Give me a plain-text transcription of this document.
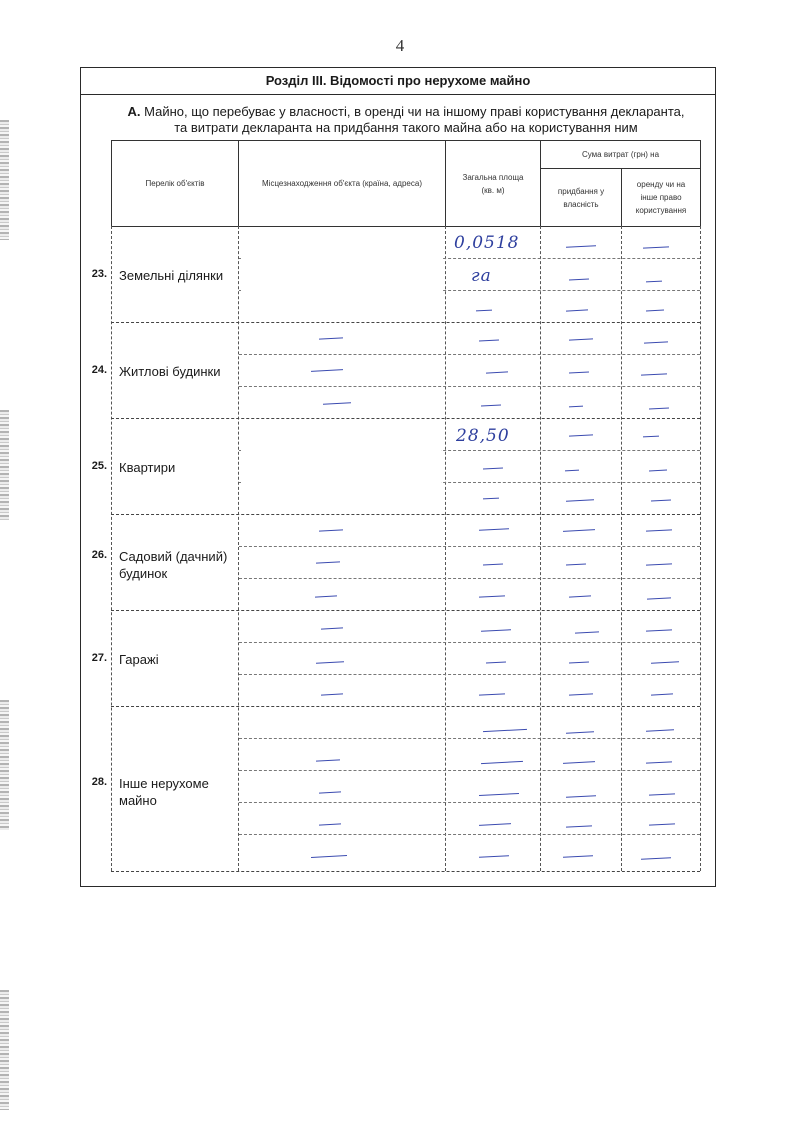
4
Розділ ІІІ. Відомості про нерухоме майно
А. Майно, що перебуває у власності, в оренді чи на іншому праві користування декларанта,
та витрати декларанта на придбання такого майна або на користування ним
Перелік об'єктів	Місцезнаходження об'єкта (країна, адреса)
Загальна площа (кв. м)
Сума витрат (грн) на
придбання у власність
оренду чи на інше право користування
23. Земельні ділянки
24. Житлові будинки
25. Квартири
26. Садовий (дачний) будинок
27. Гаражі
28. Інше нерухоме майно
0,0518
га
28,50
